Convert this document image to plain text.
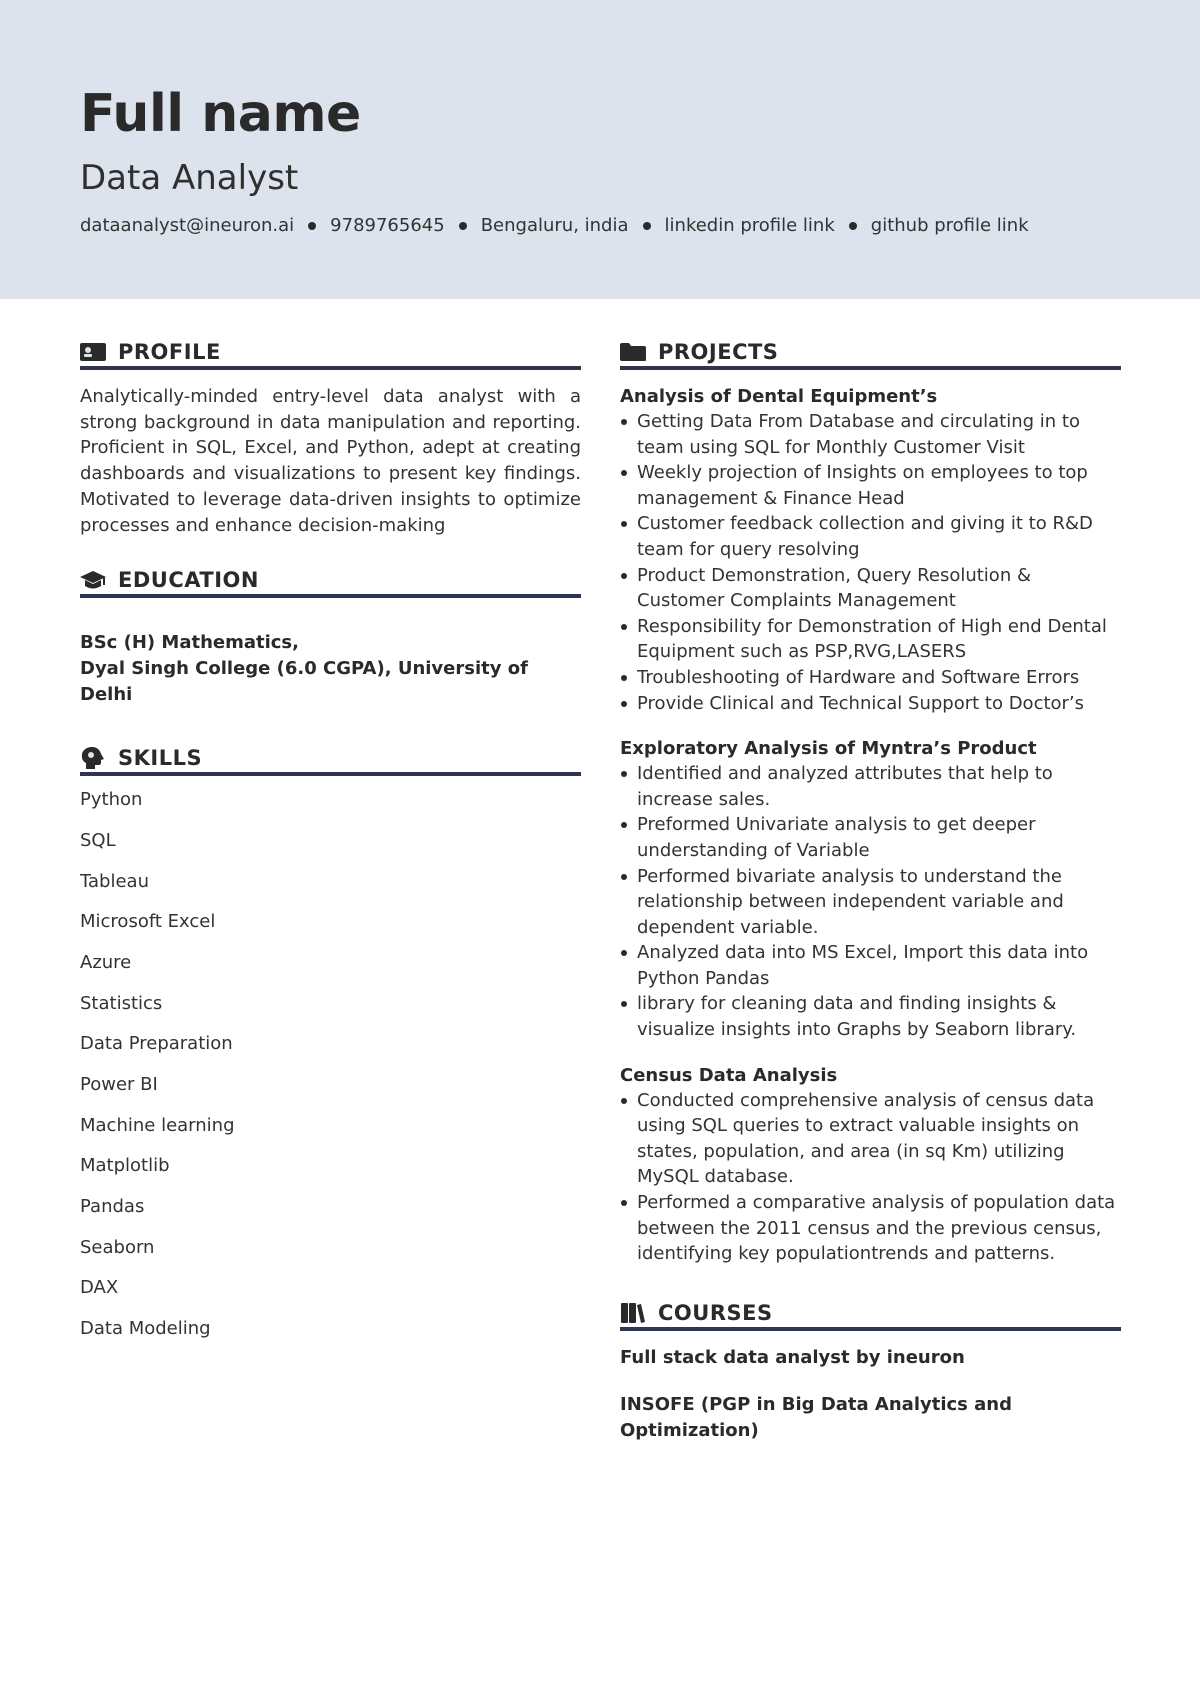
Full name
Data Analyst
dataanalyst@ineuron.ai 9789765645 Bengaluru, india linkedin profile link github profile link
PROFILE

Analytically-minded entry-level data analyst with a strong background in data manipulation and reporting. Proficient in SQL, Excel, and Python, adept at creating dashboards and visualizations to present key findings. Motivated to leverage data-driven insights to optimize processes and enhance decision-making

EDUCATION
BSc (H) Mathematics,
Dyal Singh College (6.0 CGPA), University of Delhi
SKILLS
Python
SQL
Tableau
Microsoft Excel
Azure
Statistics
Data Preparation
Power BI
Machine learning
Matplotlib
Pandas
Seaborn
DAX
Data Modeling
PROJECTS
Analysis of Dental Equipment’s
Getting Data From Database and circulating in to team using SQL for Monthly Customer Visit
Weekly projection of Insights on employees to top management & Finance Head
Customer feedback collection and giving it to R&D team for query resolving
Product Demonstration, Query Resolution & Customer Complaints Management
Responsibility for Demonstration of High end Dental Equipment such as PSP,RVG,LASERS
Troubleshooting of Hardware and Software Errors
Provide Clinical and Technical Support to Doctor’s
Exploratory Analysis of Myntra’s Product
Identified and analyzed attributes that help to increase sales.
Preformed Univariate analysis to get deeper understanding of Variable
Performed bivariate analysis to understand the relationship between independent variable and dependent variable.
Analyzed data into MS Excel, Import this data into Python Pandas
library for cleaning data and finding insights & visualize insights into Graphs by Seaborn library.
Census Data Analysis
Conducted comprehensive analysis of census data using SQL queries to extract valuable insights on states, population, and area (in sq Km) utilizing MySQL database.
Performed a comparative analysis of population data between the 2011 census and the previous census, identifying key populationtrends and patterns.
COURSES
Full stack data analyst by ineuron
INSOFE (PGP in Big Data Analytics and Optimization)
